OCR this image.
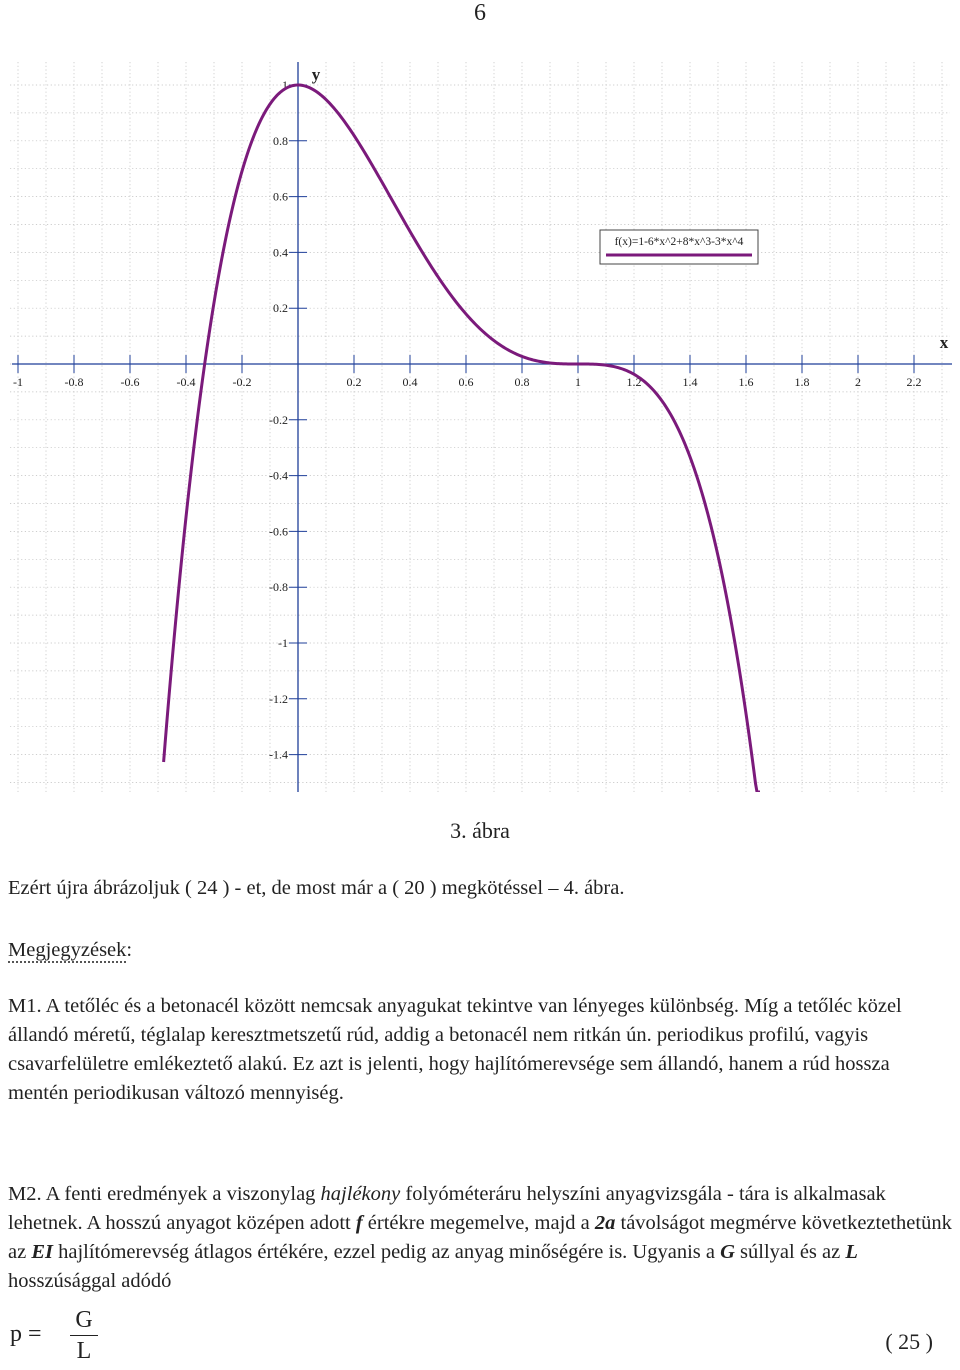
6
x
y
-1	-0.8	-0.6	-0.4	-0.2	0.2	0.4	0.6	0.8	1	1.2	1.4	1.6	1.8	2	2.2
1
0.8
0.6
0.4
0.2
-0.2
-0.4
-0.6
-0.8
-1
-1.2
-1.4
f(x)=1-6*x^2+8*x^3-3*x^4
3. ábra
Ezért újra ábrázoljuk ( 24 ) - et, de most már a ( 20 ) megkötéssel – 4. ábra.
Megjegyzések:
M1. A tetőléc és a betonacél között nemcsak anyagukat tekintve van lényeges különbség. Míg a tetőléc közel állandó méretű, téglalap keresztmetszetű rúd, addig a betonacél nem ritkán ún. periodikus profilú, vagyis csavarfelületre emlékeztető alakú. Ez azt is jelenti, hogy hajlítómerevsége sem állandó, hanem a rúd hossza mentén periodikusan változó mennyiség.
M2. A fenti eredmények a viszonylag hajlékony folyóméteráru helyszíni anyagvizsgála - tára is alkalmasak lehetnek. A hosszú anyagot középen adott f értékre megemelve, majd a 2a távolságot megmérve következtethetünk az EI hajlítómerevség átlagos értékére, ezzel pedig az anyag minőségére is. Ugyanis a G súllyal és az L hosszúsággal adódó
p =
G
L	( 25 )
